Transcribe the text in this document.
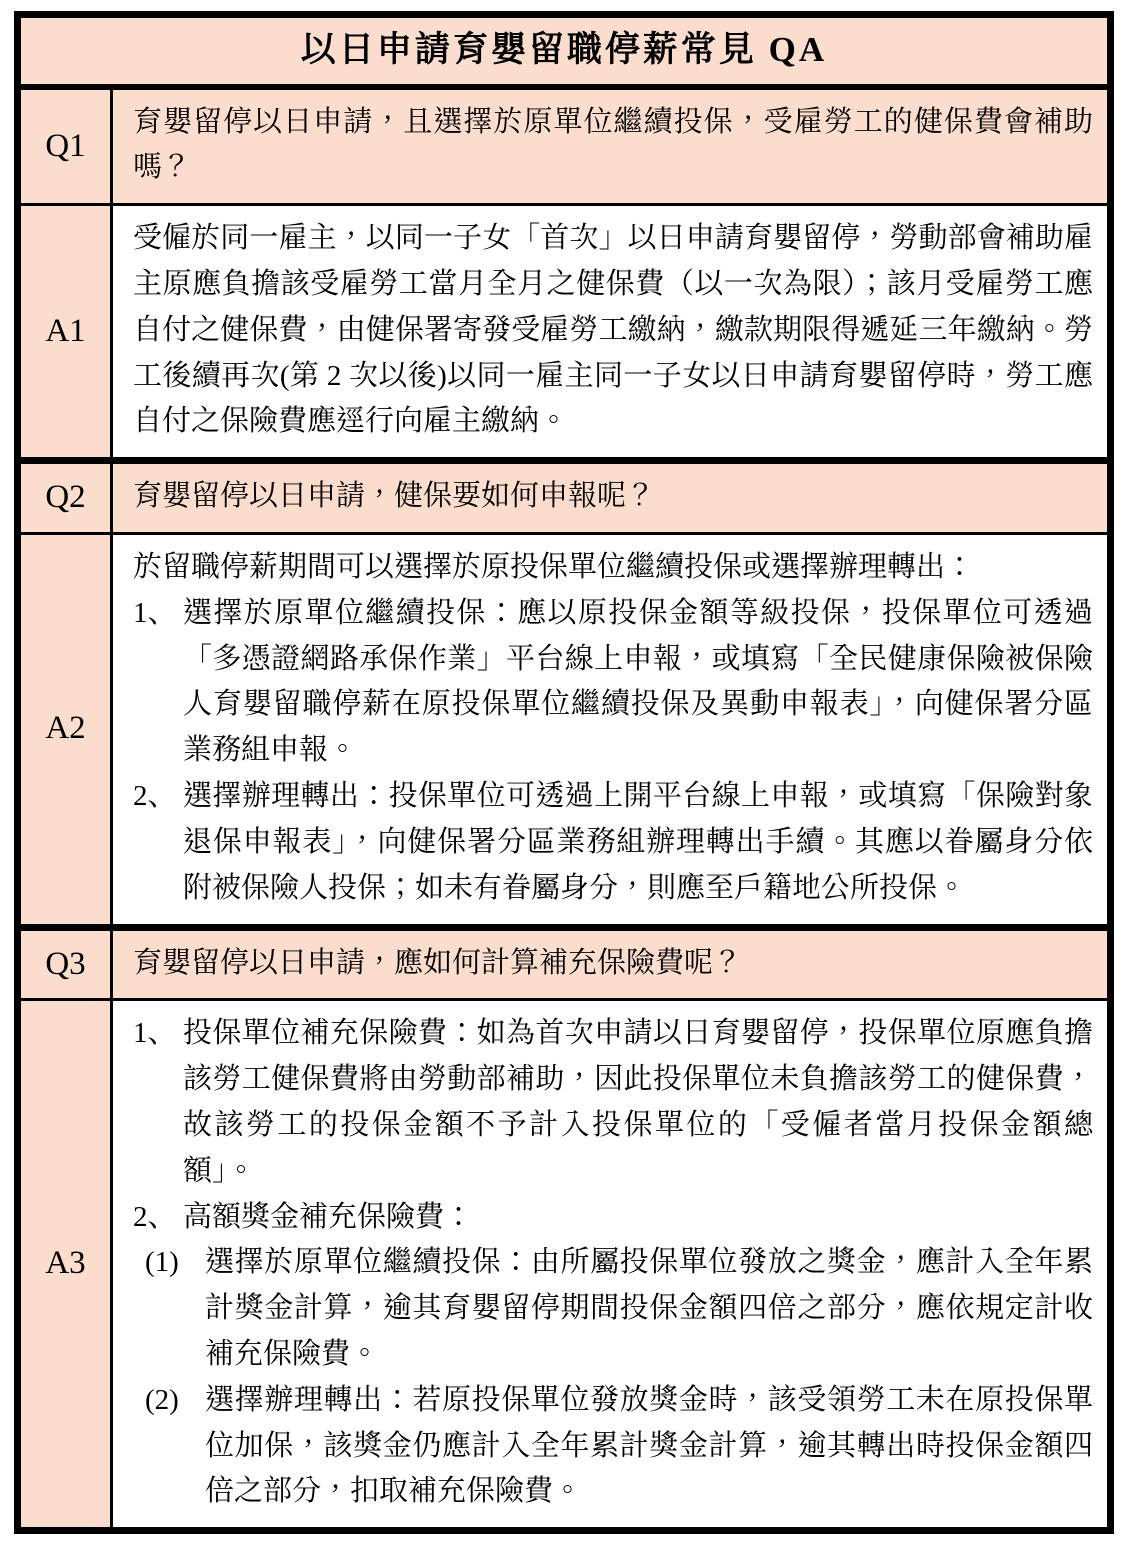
以日申請育嬰留職停薪常見 QA
Q1
育嬰留停以日申請，且選擇於原單位繼續投保，受雇勞工的健保費會補助嗎？
A1
受僱於同一雇主，以同一子女「首次」以日申請育嬰留停，勞動部會補助雇主原應負擔該受雇勞工當月全月之健保費（以一次為限）；該月受雇勞工應自付之健保費，由健保署寄發受雇勞工繳納，繳款期限得遞延三年繳納。勞工後續再次(第 2 次以後)以同一雇主同一子女以日申請育嬰留停時，勞工應自付之保險費應逕行向雇主繳納。
Q2	育嬰留停以日申請，健保要如何申報呢？
A2
於留職停薪期間可以選擇於原投保單位繼續投保或選擇辦理轉出：
1、 選擇於原單位繼續投保：應以原投保金額等級投保，投保單位可透過「多憑證網路承保作業」平台線上申報，或填寫「全民健康保險被保險人育嬰留職停薪在原投保單位繼續投保及異動申報表」，向健保署分區業務組申報。
2、 選擇辦理轉出：投保單位可透過上開平台線上申報，或填寫「保險對象退保申報表」，向健保署分區業務組辦理轉出手續。其應以眷屬身分依附被保險人投保；如未有眷屬身分，則應至戶籍地公所投保。
Q3	育嬰留停以日申請，應如何計算補充保險費呢？
A3
1、 投保單位補充保險費：如為首次申請以日育嬰留停，投保單位原應負擔該勞工健保費將由勞動部補助，因此投保單位未負擔該勞工的健保費，故該勞工的投保金額不予計入投保單位的「受僱者當月投保金額總額」。
2、 高額獎金補充保險費：
(1) 選擇於原單位繼續投保：由所屬投保單位發放之獎金，應計入全年累計獎金計算，逾其育嬰留停期間投保金額四倍之部分，應依規定計收補充保險費。
(2) 選擇辦理轉出：若原投保單位發放獎金時，該受領勞工未在原投保單位加保，該獎金仍應計入全年累計獎金計算，逾其轉出時投保金額四倍之部分，扣取補充保險費。
